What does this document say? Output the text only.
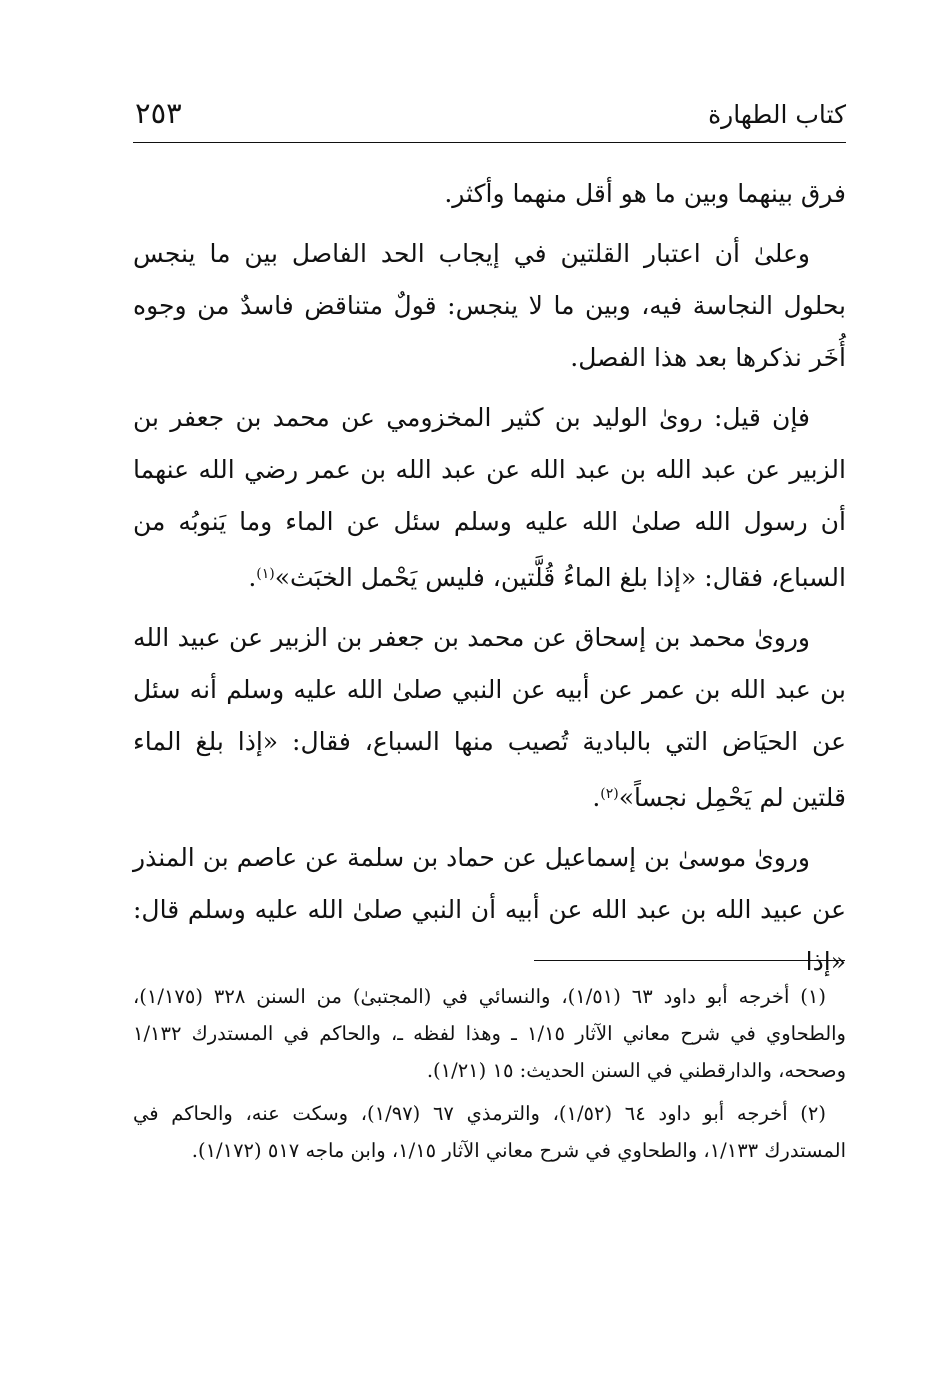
كتاب الطهارة
٢٥٣

فرق بينهما وبين ما هو أقل منهما وأكثر.

وعلىٰ أن اعتبار القلتين في إيجاب الحد الفاصل بين ما ينجس بحلول النجاسة فيه، وبين ما لا ينجس: قولٌ متناقض فاسدٌ من وجوه أُخَر نذكرها بعد هذا الفصل.

فإن قيل: روىٰ الوليد بن كثير المخزومي عن محمد بن جعفر بن الزبير عن عبد الله بن عبد الله عن عبد الله بن عمر رضي الله عنهما أن رسول الله صلىٰ الله عليه وسلم سئل عن الماء وما يَنوبُه من السباع، فقال: «إذا بلغ الماءُ قُلَّتين، فليس يَحْمل الخبَث»$^{(١)}$.

وروىٰ محمد بن إسحاق عن محمد بن جعفر بن الزبير عن عبيد الله بن عبد الله بن عمر عن أبيه عن النبي صلىٰ الله عليه وسلم أنه سئل عن الحيَاض التي بالبادية تُصيب منها السباع، فقال: «إذا بلغ الماء قلتين لم يَحْمِل نجساً»$^{(٢)}$.

وروىٰ موسىٰ بن إسماعيل عن حماد بن سلمة عن عاصم بن المنذر عن عبيد الله بن عبد الله عن أبيه أن النبي صلىٰ الله عليه وسلم قال: «إذا

(١) أخرجه أبو داود ٦٣ (١/٥١)، والنسائي في (المجتبىٰ) من السنن ٣٢٨ (١/١٧٥)، والطحاوي في شرح معاني الآثار ١/١٥ ـ وهذا لفظه ـ، والحاكم في المستدرك ١/١٣٢ وصححه، والدارقطني في السنن الحديث: ١٥ (١/٢١).

(٢) أخرجه أبو داود ٦٤ (١/٥٢)، والترمذي ٦٧ (١/٩٧)، وسكت عنه، والحاكم في المستدرك ١/١٣٣، والطحاوي في شرح معاني الآثار ١/١٥، وابن ماجه ٥١٧ (١/١٧٢).
